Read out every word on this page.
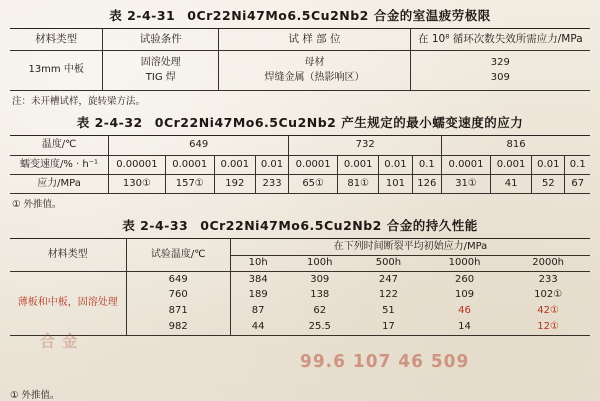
表 2-4-31 0Cr22Ni47Mo6.5Cu2Nb2 合金的室温疲劳极限
材料类型	试验条件	试 样 部 位	在 10⁸ 循环次数失效所需应力/MPa
13mm 中板	固溶处理	母材	329
	TIG 焊	焊缝金属（热影响区）	309
注：未开槽试样，旋转梁方法。
表 2-4-32 0Cr22Ni47Mo6.5Cu2Nb2 产生规定的最小蠕变速度的应力
温度/℃	649				732				816			
蠕变速度/% · h⁻¹	0.00001	0.0001	0.001	0.01	0.0001	0.001	0.01	0.1	0.0001	0.001	0.01	0.1
应力/MPa	130①	157①	192	233	65①	81①	101	126	31①	41	52	67
① 外推值。
表 2-4-33 0Cr22Ni47Mo6.5Cu2Nb2 合金的持久性能
材料类型	试验温度/℃	在下列时间断裂平均初始应力/MPa				
		10h	100h	500h	1000h	2000h
薄板和中板，固溶处理	649	384	309	247	260	233
	760	189	138	122	109	102①
	871	87	62	51	46	42①
	982	44	25.5	17	14	12①
① 外推值。
99.6 107 46 509
合 金
